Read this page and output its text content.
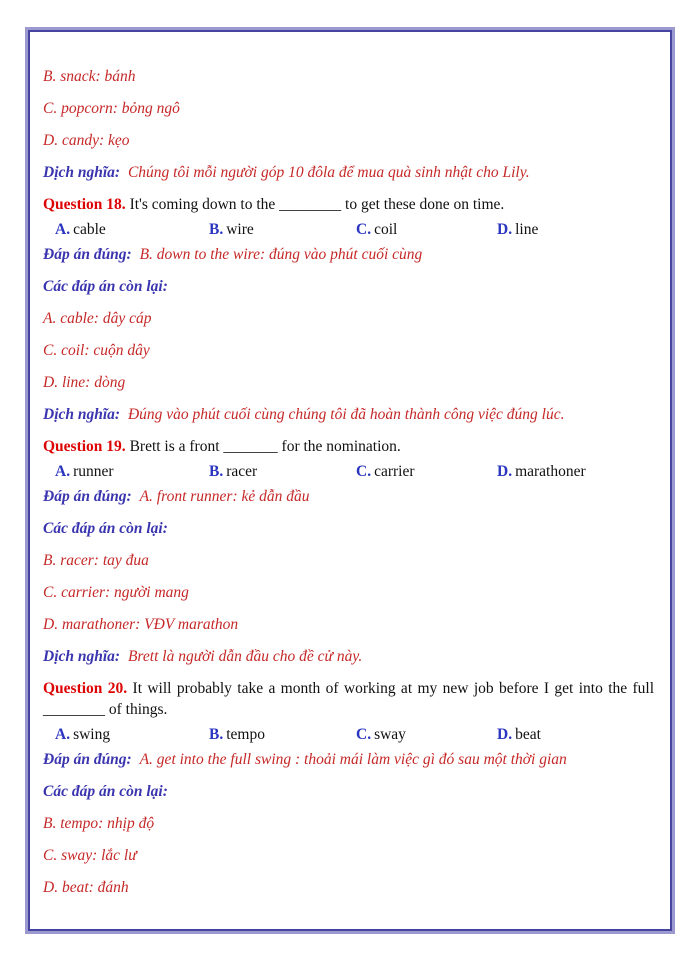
B. snack: bánh

C. popcorn: bỏng ngô

D. candy: kẹo

Dịch nghĩa: Chúng tôi mỗi người góp 10 đôla để mua quà sinh nhật cho Lily.

Question 18. It's coming down to the ________ to get these done on time.

A. cable	B. wire	C. coil	D. line

Đáp án đúng: B. down to the wire: đúng vào phút cuối cùng

Các đáp án còn lại:

A. cable: dây cáp

C. coil: cuộn dây

D. line: dòng

Dịch nghĩa: Đúng vào phút cuối cùng chúng tôi đã hoàn thành công việc đúng lúc.

Question 19. Brett is a front _______ for the nomination.

A. runner	B. racer	C. carrier	D. marathoner

Đáp án đúng: A. front runner: kẻ dẫn đầu

Các đáp án còn lại:

B. racer: tay đua

C. carrier: người mang

D. marathoner: VĐV marathon

Dịch nghĩa: Brett là người dẫn đầu cho đề cử này.

Question 20. It will probably take a month of working at my new job before I get into the full ________ of things.

A. swing	B. tempo	C. sway	D. beat

Đáp án đúng: A. get into the full swing : thoải mái làm việc gì đó sau một thời gian

Các đáp án còn lại:

B. tempo: nhịp độ

C. sway: lắc lư

D. beat: đánh
